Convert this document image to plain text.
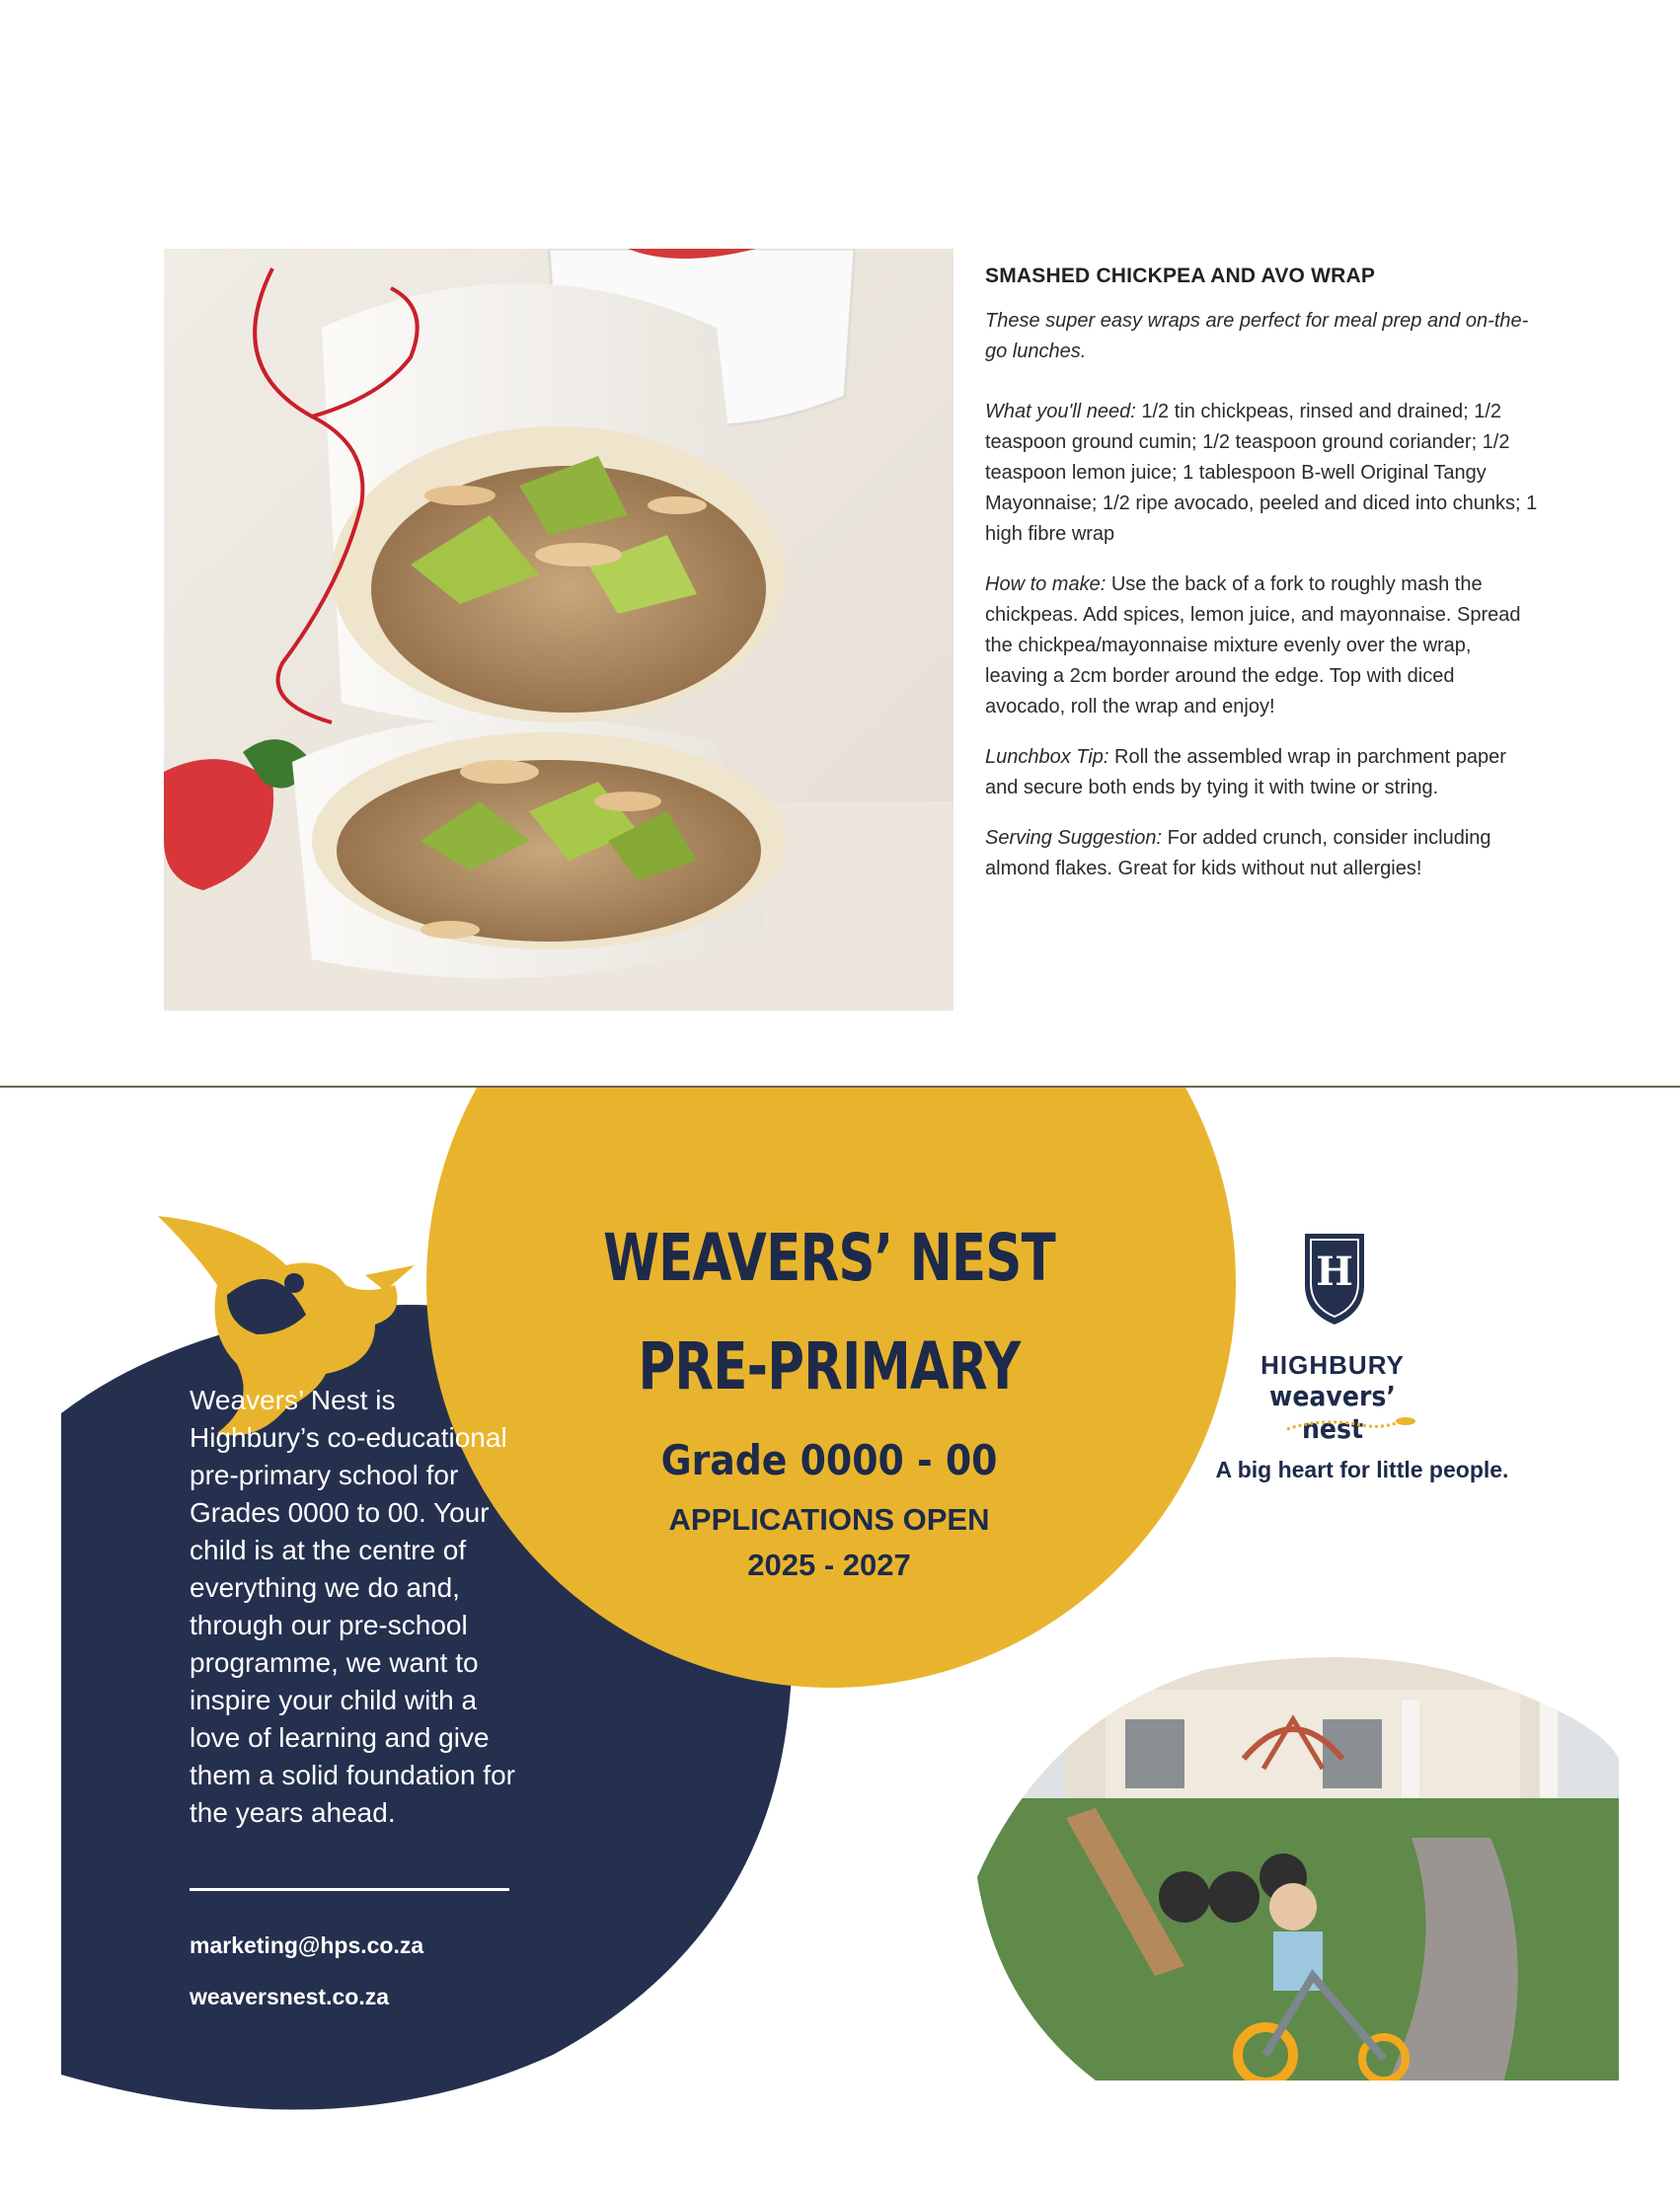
SMASHED CHICKPEA AND AVO WRAP

These super easy wraps are perfect for meal prep and on-the-go lunches.

What you'll need: 1/2 tin chickpeas, rinsed and drained; 1/2 teaspoon ground cumin; 1/2 teaspoon ground coriander; 1/2 teaspoon lemon juice; 1 tablespoon B-well Original Tangy Mayonnaise; 1/2 ripe avocado, peeled and diced into chunks; 1 high fibre wrap

How to make: Use the back of a fork to roughly mash the chickpeas. Add spices, lemon juice, and mayonnaise. Spread the chickpea/mayonnaise mixture evenly over the wrap, leaving a 2cm border around the edge. Top with diced avocado, roll the wrap and enjoy!

Lunchbox Tip: Roll the assembled wrap in parchment paper and secure both ends by tying it with twine or string.

Serving Suggestion: For added crunch, consider including almond flakes. Great for kids without nut allergies!

Weavers’ Nest is Highbury’s co-educational pre-primary school for Grades 0000 to 00. Your child is at the centre of everything we do and, through our pre-school programme, we want to inspire your child with a love of learning and give them a solid foundation for the years ahead.
marketing@hps.co.za
weaversnest.co.za
WEAVERS’ NEST
PRE-PRIMARY
Grade 0000 - 00
APPLICATIONS OPEN
2025 - 2027
H
HIGHBURY
weavers’ nest
A big heart for little people.
